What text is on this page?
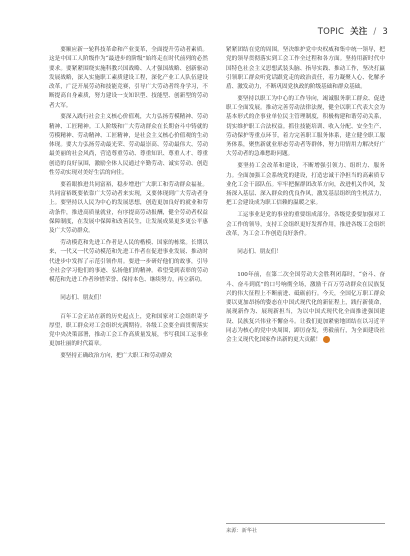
TOPIC 关注 / 3

要顺应新一轮科技革命和产业变革，全面提升劳动者素质。这是中国工人阶级作为“最进步的阶级”始终走在时代前列的必然要求。要紧紧围绕实施科教兴国战略、人才强国战略、创新驱动发展战略，深入实施职工素质建设工程，深化产业工人队伍建设改革，广泛开展劳动和技能竞赛，引导广大劳动者终身学习，不断提高自身素质，努力建设一支知识型、技能型、创新型的劳动者大军。

要深入践行社会主义核心价值观，大力弘扬劳模精神、劳动精神、工匠精神。工人阶级和广大劳动群众在长期奋斗中铸就的劳模精神、劳动精神、工匠精神，是社会主义核心价值观的生动体现。要大力弘扬劳动最光荣、劳动最崇高、劳动最伟大、劳动最美丽的社会风尚，营造尊重劳动、尊重知识、尊重人才、尊重创造的良好氛围，激励全体人民通过辛勤劳动、诚实劳动、创造性劳动实现对美好生活的向往。

要着眼推进共同富裕，稳步增进广大职工和劳动群众福祉。共同富裕既要依靠广大劳动者来实现，又要体现到广大劳动者身上。要坚持以人民为中心的发展思想，创造更加良好的就业和劳动条件，推进高质量就业，有序提高劳动报酬，健全劳动者权益保障制度，在发展中保障和改善民生，让发展成果更多更公平惠及广大劳动群众。

劳动模范和先进工作者是人民的楷模、国家的栋梁。长期以来，一代又一代劳动模范和先进工作者在促进事业发展、推动时代进步中发挥了示范引领作用。要进一步研好他们的故事，引导全社会学习他们的事迹、弘扬他们的精神。希望受到表彰的劳动模范和先进工作者珍惜荣誉、保持本色、继续努力，再立新功。

同志们、朋友们！

百年工会正站在新的历史起点上，党和国家对工会组织寄予厚望，职工群众对工会组织充满期待。各级工会要全面贯彻落实党中央决策部署，推动工会工作高质量发展，书写我国工运事业更加壮丽的时代篇章。

要坚持正确政治方向，把广大职工和劳动群众

紧紧团结在党的周围。坚决维护党中央权威和集中统一领导，把党的领导贯彻落实到工会工作全过程和各方面。坚持用新时代中国特色社会主义思想武装头脑、指导实践、推动工作，坚决打赢引领职工群众听党话跟党走的政治责任，着力凝聚人心、化解矛盾、激发动力，不断巩固党执政的阶级基础和群众基础。

要坚持以职工为中心的工作导向，竭诚服务职工群众、促进职工全面发展。推动完善劳动法律法规，健全以职工代表大会为基本形式的企事业单位民主管理制度，积极构建和谐劳动关系，切实维护职工合法权益。抓住技能培训、收入分配、安全生产、劳动保护等重点环节，着力完善职工服务体系，建立健全职工服务体系，聚焦新就业形态劳动者等群体，努力用情用力解决好广大劳动者的急难愁盼问题。

要坚持工会改革和建设，不断增强引领力、组织力、服务力。全面加强工会系统党的建设，打造忠诚干净担当的高素质专业化工会干部队伍。牢牢把握群团改革方向，改进机关作风，发扬深入基层、深入群众的优良作风，激发基层组织的生机活力，把工会建设成为职工信赖的温暖之家。

工运事业是党的事业的重要组成部分。各级党委要加强对工会工作的领导，支持工会组织更好发挥作用，推进各级工会组织改革，为工会工作创造良好条件。

同志们、朋友们！

100年前，在第二次全国劳动大会胜利闭幕时，“奋斗、奋斗、奋斗到底”的口号响彻全场，激励千百万劳动群众在民族复兴的伟大征程上不断前进、砥砺前行。今天，全国亿万职工群众要以更加昂扬的姿态在中国式现代化的新征程上，践行新使命，展现新作为、展现新担当，为以中国式现代化全面推进强国建设、民族复兴伟业不懈奋斗。让我们更加紧密地团结在以习近平同志为核心的党中央周围，踔厉奋发，勇毅前行，为全面建设社会主义现代化国家作出新的更大贡献！

来源：新华社
